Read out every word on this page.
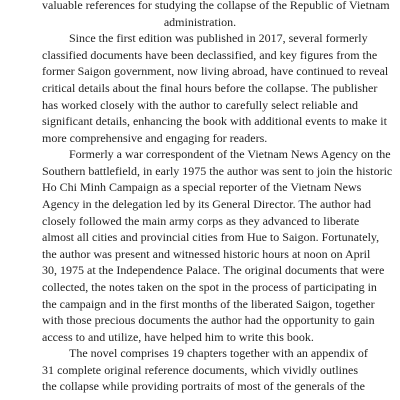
valuable references for studying the collapse of the Republic of Vietnam

administration.

Since the first edition was published in 2017, several formerly

classified documents have been declassified, and key figures from the

former Saigon government, now living abroad, have continued to reveal

critical details about the final hours before the collapse. The publisher

has worked closely with the author to carefully select reliable and

significant details, enhancing the book with additional events to make it

more comprehensive and engaging for readers.

Formerly a war correspondent of the Vietnam News Agency on the

Southern battlefield, in early 1975 the author was sent to join the historic

Ho Chi Minh Campaign as a special reporter of the Vietnam News

Agency in the delegation led by its General Director. The author had

closely followed the main army corps as they advanced to liberate

almost all cities and provincial cities from Hue to Saigon. Fortunately,

the author was present and witnessed historic hours at noon on April

30, 1975 at the Independence Palace. The original documents that were

collected, the notes taken on the spot in the process of participating in

the campaign and in the first months of the liberated Saigon, together

with those precious documents the author had the opportunity to gain

access to and utilize, have helped him to write this book.

The novel comprises 19 chapters together with an appendix of

31 complete original reference documents, which vividly outlines

the collapse while providing portraits of most of the generals of the
